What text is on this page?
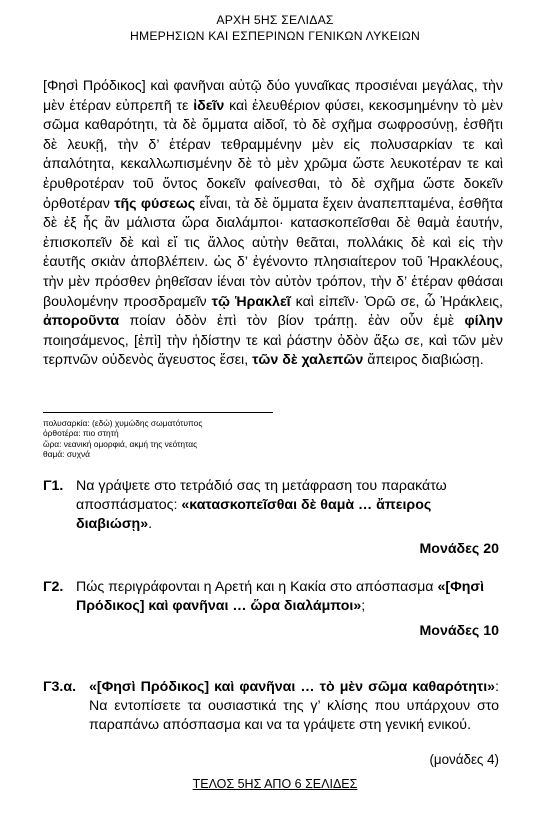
ΑΡΧΗ 5ΗΣ ΣΕΛΙΔΑΣ
ΗΜΕΡΗΣΙΩΝ ΚΑΙ ΕΣΠΕΡΙΝΩΝ ΓΕΝΙΚΩΝ ΛΥΚΕΙΩΝ
[Φησὶ Πρόδικος] καὶ φανῆναι αὐτῷ δύο γυναῖκας προσιέναι μεγάλας, τὴν μὲν ἑτέραν εὐπρεπῆ τε ἰδεῖν καὶ ἐλευθέριον φύσει, κεκοσμημένην τὸ μὲν σῶμα καθαρότητι, τὰ δὲ ὄμματα αἰδοῖ, τὸ δὲ σχῆμα σωφροσύνῃ, ἐσθῆτι δὲ λευκῇ, τὴν δ’ ἑτέραν τεθραμμένην μὲν εἰς πολυσαρκίαν τε καὶ ἁπαλότητα, κεκαλλωπισμένην δὲ τὸ μὲν χρῶμα ὥστε λευκοτέραν τε καὶ ἐρυθροτέραν τοῦ ὄντος δοκεῖν φαίνεσθαι, τὸ δὲ σχῆμα ὥστε δοκεῖν ὀρθοτέραν τῆς φύσεως εἶναι, τὰ δὲ ὄμματα ἔχειν ἀναπεπταμένα, ἐσθῆτα δὲ ἐξ ἧς ἂν μάλιστα ὥρα διαλάμποι· κατασκοπεῖσθαι δὲ θαμὰ ἑαυτήν, ἐπισκοπεῖν δὲ καὶ εἴ τις ἄλλος αὐτὴν θεᾶται, πολλάκις δὲ καὶ εἰς τὴν ἑαυτῆς σκιὰν ἀποβλέπειν. ὡς δ’ ἐγένοντο πλησιαίτερον τοῦ Ἡρακλέους, τὴν μὲν πρόσθεν ῥηθεῖσαν ἰέναι τὸν αὐτὸν τρόπον, τὴν δ’ ἑτέραν φθάσαι βουλομένην προσδραμεῖν τῷ Ἡρακλεῖ καὶ εἰπεῖν· Ὁρῶ σε, ὦ Ἡράκλεις, ἀποροῦντα ποίαν ὁδὸν ἐπὶ τὸν βίον τράπῃ. ἐὰν οὖν ἐμὲ φίλην ποιησάμενος, [ἐπὶ] τὴν ἡδίστην τε καὶ ῥάστην ὁδὸν ἄξω σε, καὶ τῶν μὲν τερπνῶν οὐδενὸς ἄγευστος ἔσει, τῶν δὲ χαλεπῶν ἄπειρος διαβιώσῃ.
πολυσαρκία: (εδώ) χυμώδης σωματότυπος
ὀρθοτέρα: πιο στητή
ὥρα: νεανική ομορφιά, ακμή της νεότητας
θαμά: συχνά
Γ1. Να γράψετε στο τετράδιό σας τη μετάφραση του παρακάτω αποσπάσματος: «κατασκοπεῖσθαι δὲ θαμὰ … ἄπειρος διαβιώσῃ».
Μονάδες 20
Γ2. Πώς περιγράφονται η Αρετή και η Κακία στο απόσπασμα «[Φησὶ Πρόδικος] καὶ φανῆναι … ὥρα διαλάμποι»;
Μονάδες 10
Γ3.α. «[Φησὶ Πρόδικος] καὶ φανῆναι … τὸ μὲν σῶμα καθαρότητι»: Να εντοπίσετε τα ουσιαστικά της γ’ κλίσης που υπάρχουν στο παραπάνω απόσπασμα και να τα γράψετε στη γενική ενικού.
(μονάδες 4)
ΤΕΛΟΣ 5ΗΣ ΑΠΟ 6 ΣΕΛΙΔΕΣ
